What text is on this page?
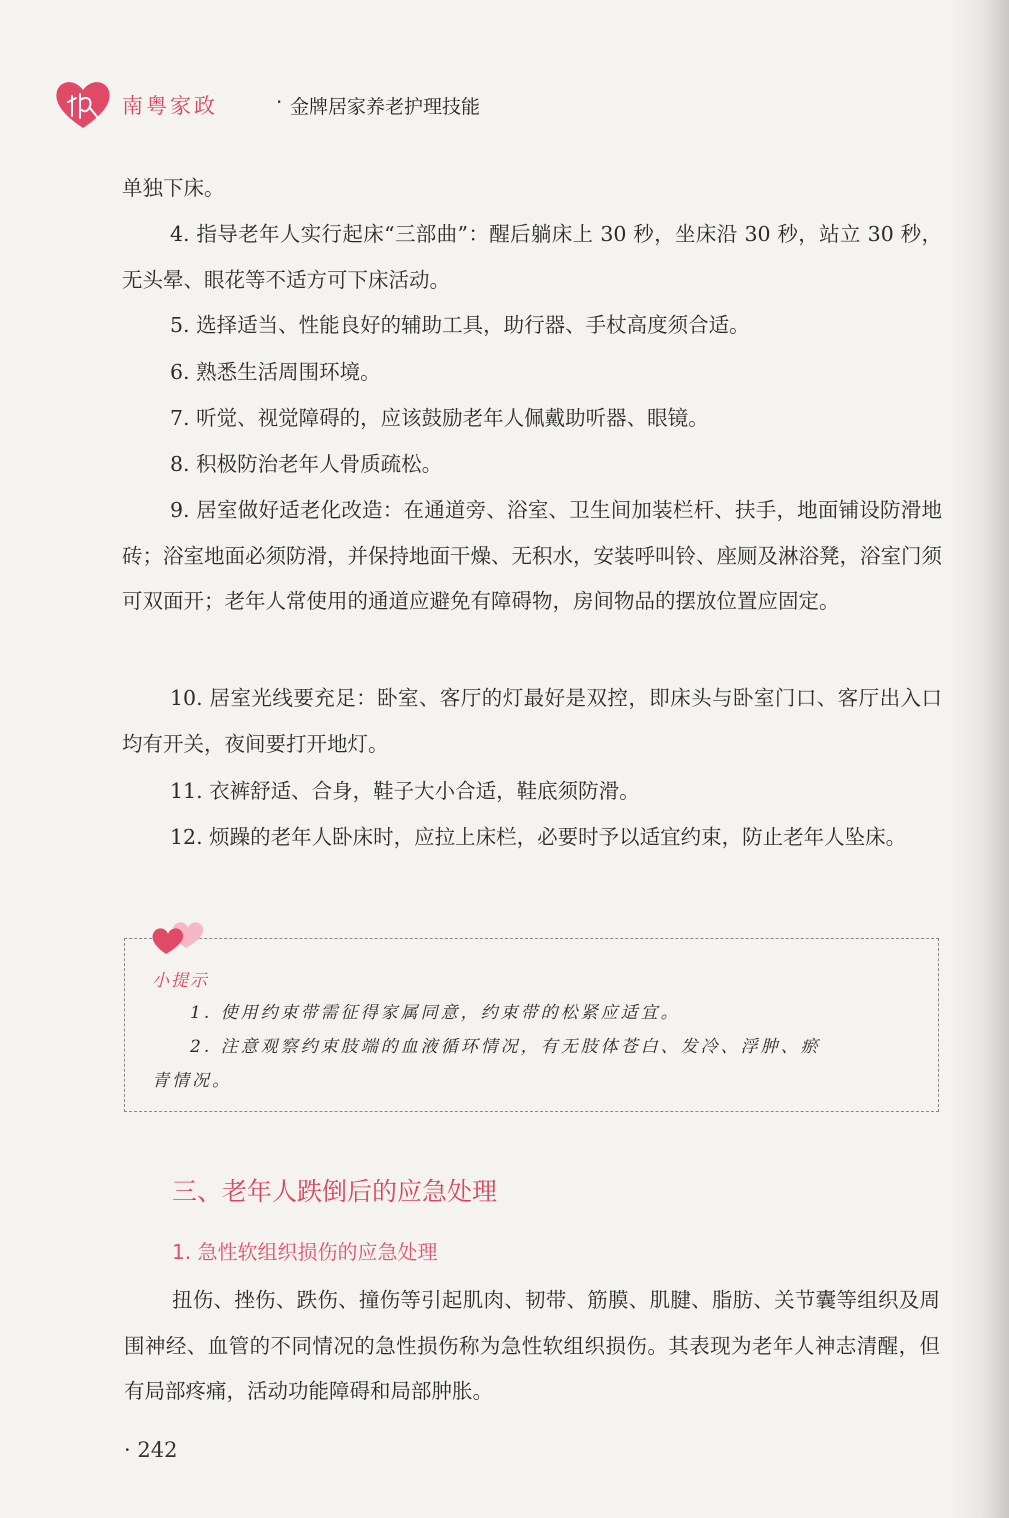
南粤家政	· 金牌居家养老护理技能

单独下床。

4. 指导老年人实行起床“三部曲”：醒后躺床上 30 秒，坐床沿 30 秒，站立 30 秒，无头晕、眼花等不适方可下床活动。

5. 选择适当、性能良好的辅助工具，助行器、手杖高度须合适。

6. 熟悉生活周围环境。

7. 听觉、视觉障碍的，应该鼓励老年人佩戴助听器、眼镜。

8. 积极防治老年人骨质疏松。

9. 居室做好适老化改造：在通道旁、浴室、卫生间加装栏杆、扶手，地面铺设防滑地砖；浴室地面必须防滑，并保持地面干燥、无积水，安装呼叫铃、座厕及淋浴凳，浴室门须可双面开；老年人常使用的通道应避免有障碍物，房间物品的摆放位置应固定。

10. 居室光线要充足：卧室、客厅的灯最好是双控，即床头与卧室门口、客厅出入口均有开关，夜间要打开地灯。

11. 衣裤舒适、合身，鞋子大小合适，鞋底须防滑。

12. 烦躁的老年人卧床时，应拉上床栏，必要时予以适宜约束，防止老年人坠床。

小提示
1. 使用约束带需征得家属同意，约束带的松紧应适宜。
2. 注意观察约束肢端的血液循环情况，有无肢体苍白、发冷、浮肿、瘀
青情况。
三、老年人跌倒后的应急处理
1. 急性软组织损伤的应急处理

扭伤、挫伤、跌伤、撞伤等引起肌肉、韧带、筋膜、肌腱、脂肪、关节囊等组织及周围神经、血管的不同情况的急性损伤称为急性软组织损伤。其表现为老年人神志清醒，但有局部疼痛，活动功能障碍和局部肿胀。

· 242
